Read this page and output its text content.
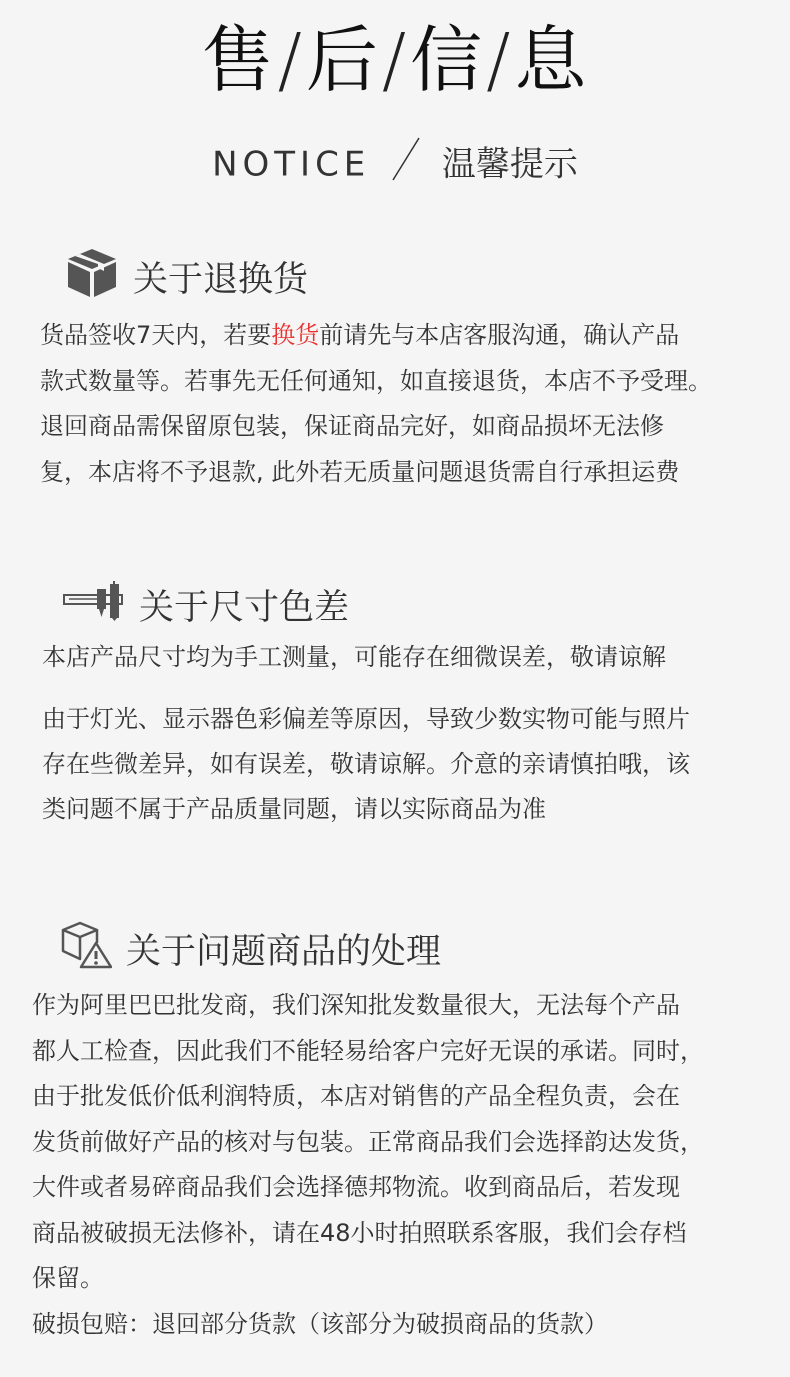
售/后/信/息
NOTICE 温馨提示
关于退换货
货品签收7天内，若要换货前请先与本店客服沟通，确认产品
款式数量等。若事先无任何通知，如直接退货，本店不予受理。
退回商品需保留原包装，保证商品完好，如商品损坏无法修
复，本店将不予退款, 此外若无质量问题退货需自行承担运费
关于尺寸色差
本店产品尺寸均为手工测量，可能存在细微误差，敬请谅解
由于灯光、显示器色彩偏差等原因，导致少数实物可能与照片
存在些微差异，如有误差，敬请谅解。介意的亲请慎拍哦，该
类问题不属于产品质量同题，请以实际商品为准
关于问题商品的处理
作为阿里巴巴批发商，我们深知批发数量很大，无法每个产品
都人工检查，因此我们不能轻易给客户完好无误的承诺。同时，
由于批发低价低利润特质，本店对销售的产品全程负责，会在
发货前做好产品的核对与包装。正常商品我们会选择韵达发货，
大件或者易碎商品我们会选择德邦物流。收到商品后，若发现
商品被破损无法修补，请在48小时拍照联系客服，我们会存档
保留。
破损包赔：退回部分货款（该部分为破损商品的货款）
